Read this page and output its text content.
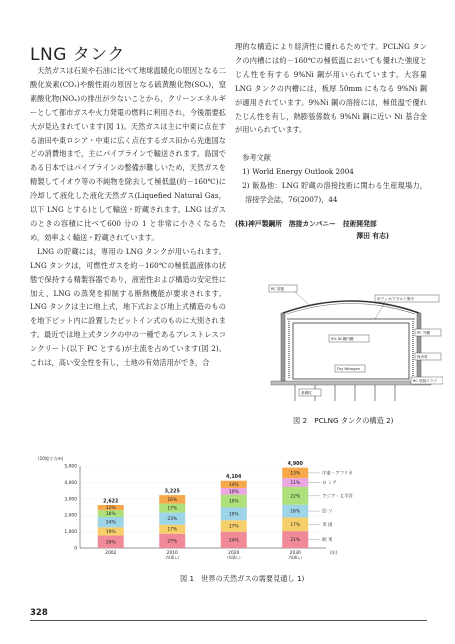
LNG タンク

天然ガスは石炭や石油に比べて地球温暖化の原因となる二酸化炭素(CO₂)や酸性雨の原因となる硫黄酸化物(SOₓ)，窒素酸化物(NOₓ)の排出が少ないことから，クリーンエネルギーとして都市ガスや火力発電の燃料に利用され，今後需要拡大が見込まれています(図 1)。天然ガスは主に中東に点在する油田や東ロシア・中東に広く点在するガス田から先進国などの消費地まで，主にパイプラインで輸送されます。島国である日本ではパイプラインの整備が難しいため，天然ガスを精製してイオウ等の不純物を除去して極低温(約－160℃)に冷却して液化した液化天然ガス(Liquefied Natural Gas，以下 LNG とする)として輸送・貯蔵されます。LNG はガスのときの容積に比べて600 分の 1 と非常に小さくなるため，効率よく輸送・貯蔵されています。

LNG の貯蔵には，専用の LNG タンクが用いられます。LNG タンクは，可燃性ガスを約－160℃の極低温液体の状態で保持する精製容器であり，液密性および構造の安定性に加え，LNG の蒸発を抑制する断熱機能が要求されます。LNG タンクは主に地上式，地下式および地上式構造のものを地下ピット内に設置したピットイン式のものに大別されます。最近では地上式タンクの中の一種であるプレストレスコンクリート(以下 PC とする)が主流を占めています(図 2)。これは，高い安全性を有し，土地の有効活用ができ，合

理的な構造により経済性に優れるためです。PCLNG タンクの内槽には約－160℃の極低温においても優れた強度とじん性を有する 9%Ni 鋼が用いられています。大容量 LNG タンクの内槽には，板厚 50mm にもなる 9%Ni 鋼が適用されています。9%Ni 鋼の溶接には，極低温で優れたじん性を有し，熱膨張係数も 9%Ni 鋼に近い Ni 基合金が用いられています。

参考文献

1) World Energy Outlook 2004

2) 飯島他：LNG 貯蔵の溶接技術に関わる生産現場力，溶接学会誌，76(2007)，44

(株)神戸製鋼所　溶接カンパニー　技術開発部
澤田 有志)
RC 屋根
吊デッキ/アダルミ保冷
PC 外槽
9% Ni 鋼内槽
保冷材
Dry Nitrogen
RC 底版スラブ
基礎杭
図 2　PCLNG タンクの構造 2)
(10億立方m)
0
1,000
2,000
3,000
4,000
5,000
29%
19%
24%
16%
12%
2,622
2002
27%
17%
23%
17%
16%
3,225
2010
(見通し)
24%
17%
19%
19%
10%
14%
4,104
2020
(見通し)
21%
17%
16%
22%
11%
13%
4,900
2030
(見通し)
(年)
欧 米
米 国
旧 ソ
アジア・太平洋
ロ シア
中東・アフリカ
図 1　世界の天然ガスの需要見通し 1)
328
